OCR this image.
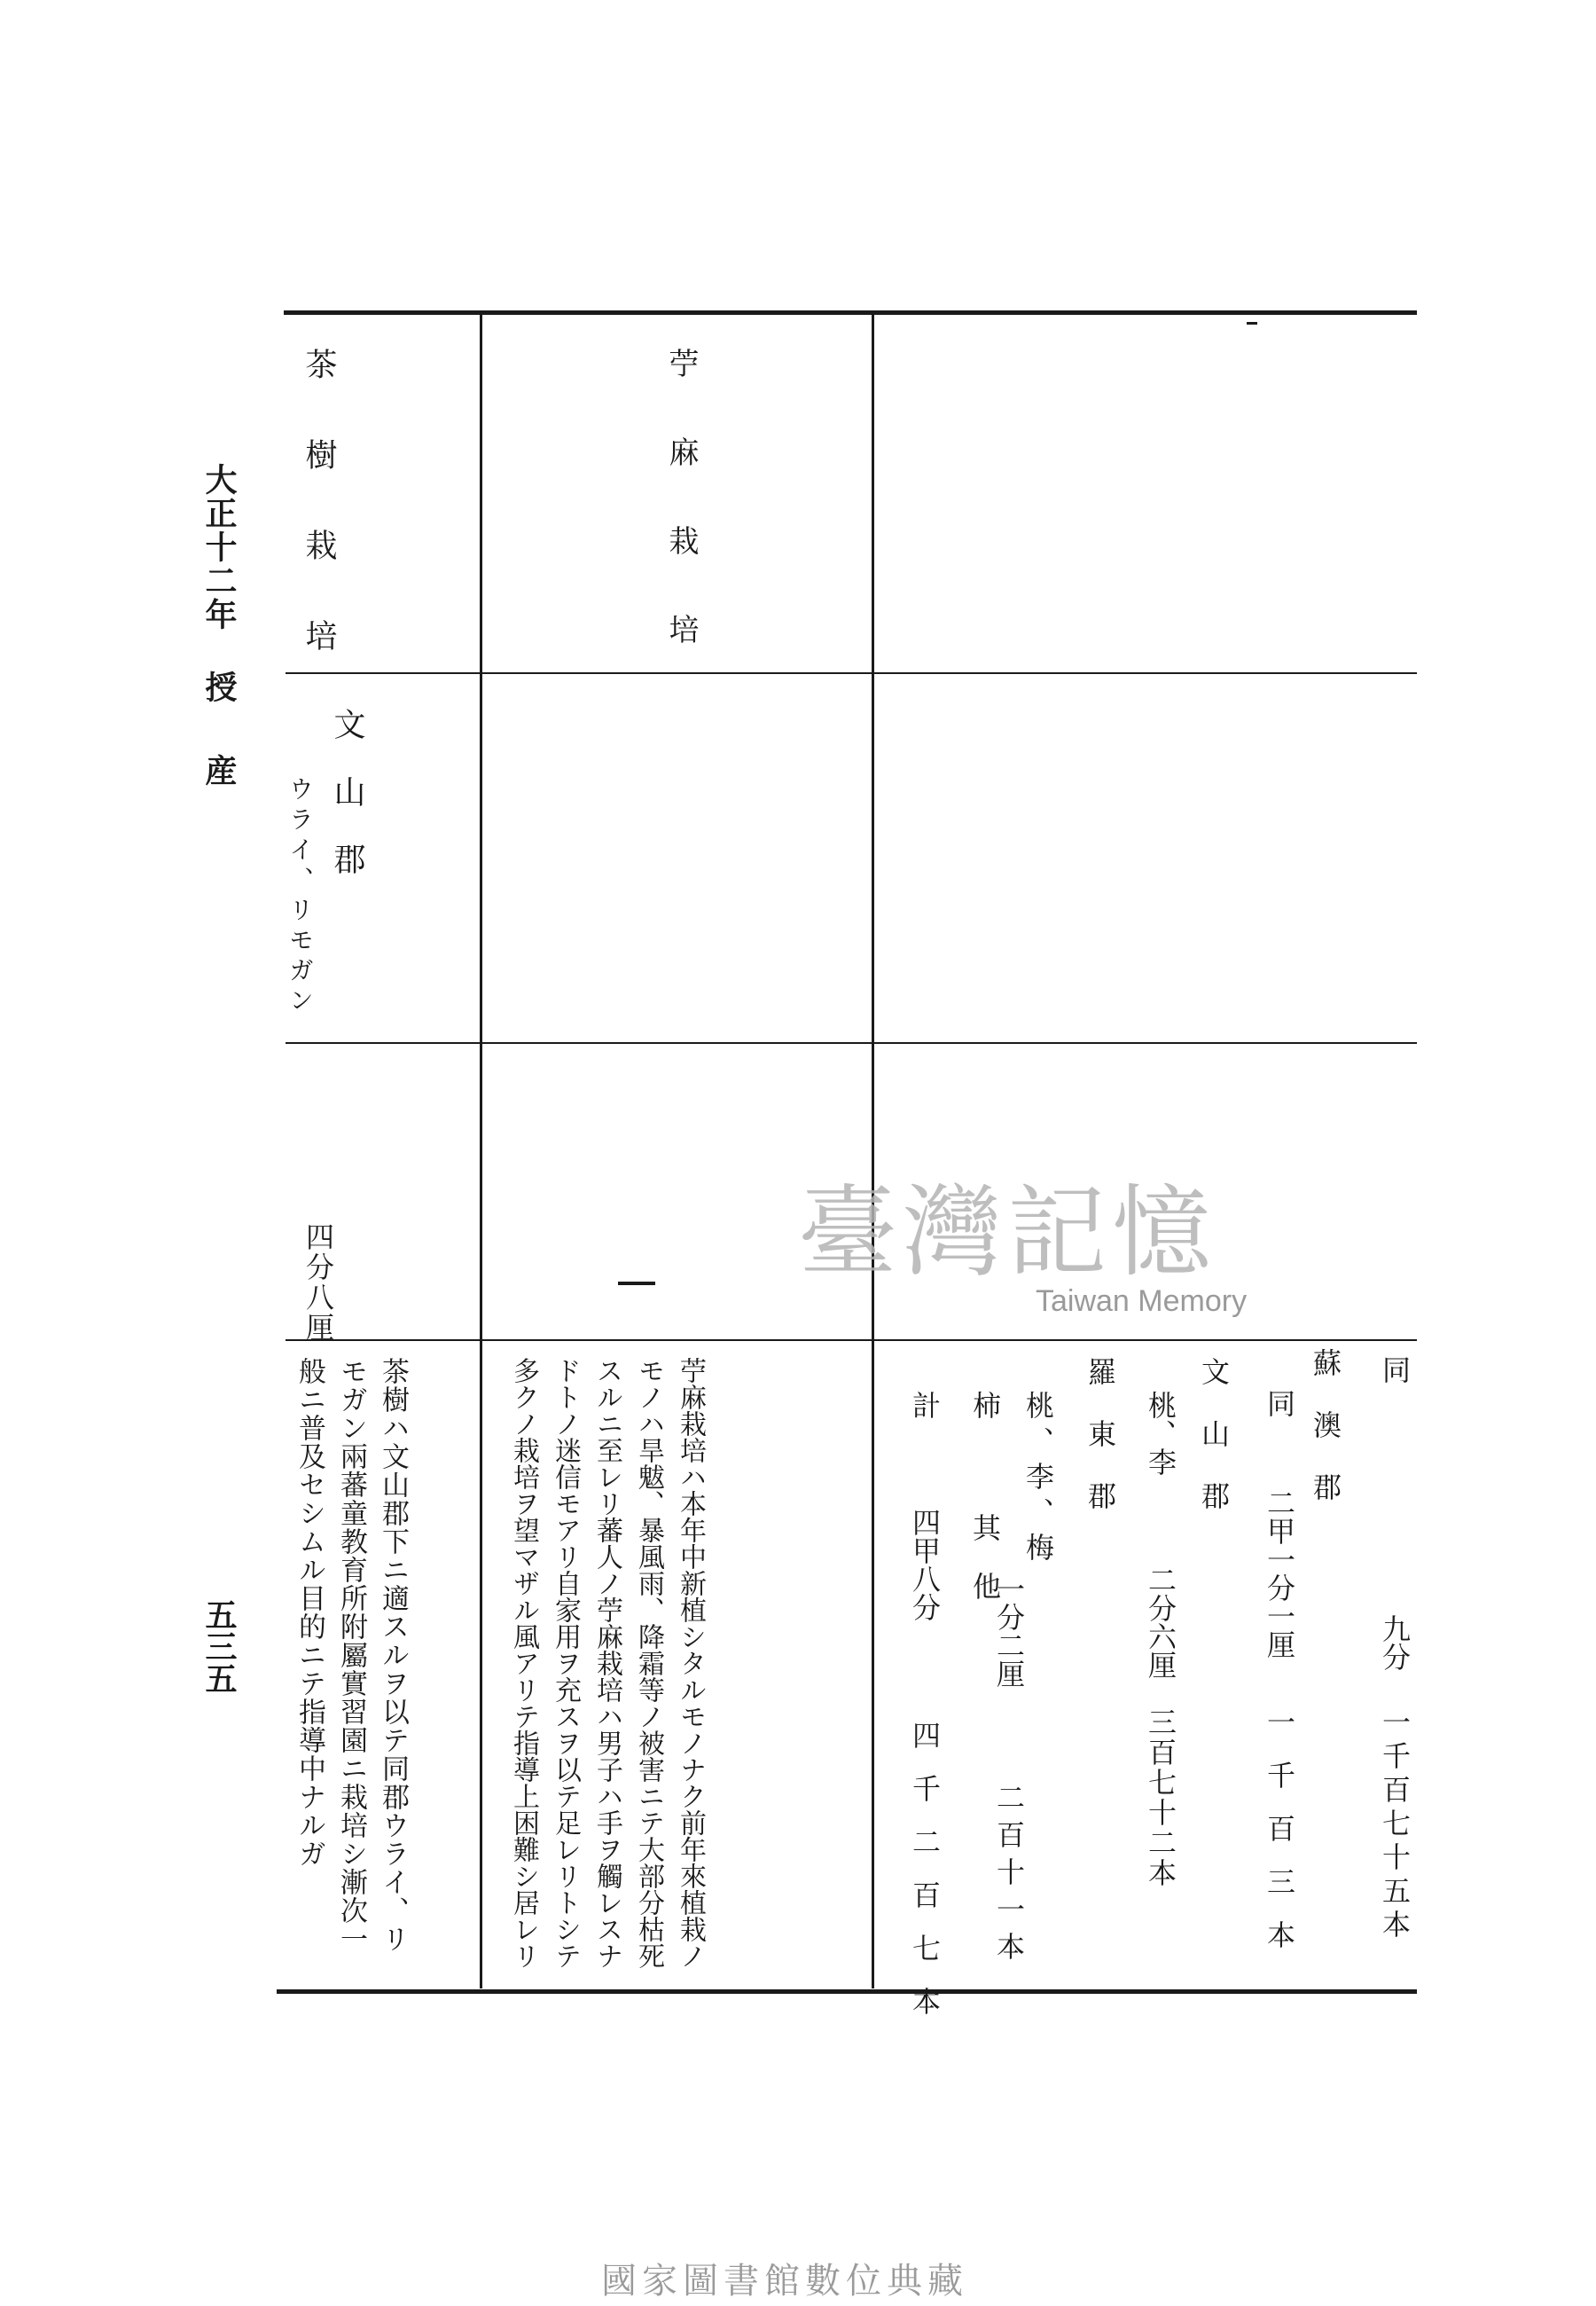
大正十二年 授
産
五三五
茶樹栽培
文山郡
ウライ、リモガン
四分八厘
茶樹ハ文山郡下ニ適スルヲ以テ同郡ウライ、リモガン兩蕃童教育所附屬實習園ニ栽培シ漸次一般ニ普及セシムル目的ニテ指導中ナルガ
苧麻栽培
苧麻栽培ハ本年中新植シタルモノナク前年來植栽ノモノハ旱魃、暴風雨、降霜等ノ被害ニテ大部分枯死スルニ至レリ蕃人ノ苧麻栽培ハ男子ハ手ヲ觸レスナドトノ迷信モアリ自家用ヲ充スヲ以テ足レリトシテ多クノ栽培ヲ望マザル風アリテ指導上困難シ居レリ	同
九分
一千百七十五本
蘇澳郡
同
二甲一分一厘
一千百三本
文山郡
桃、李
二分六厘
三百七十二本
羅東郡
桃、李、梅
柿 其他
一分二厘
二百十一本
計
四甲八分
四千二百七本
臺灣記憶
Taiwan Memory
國家圖書館數位典藏
